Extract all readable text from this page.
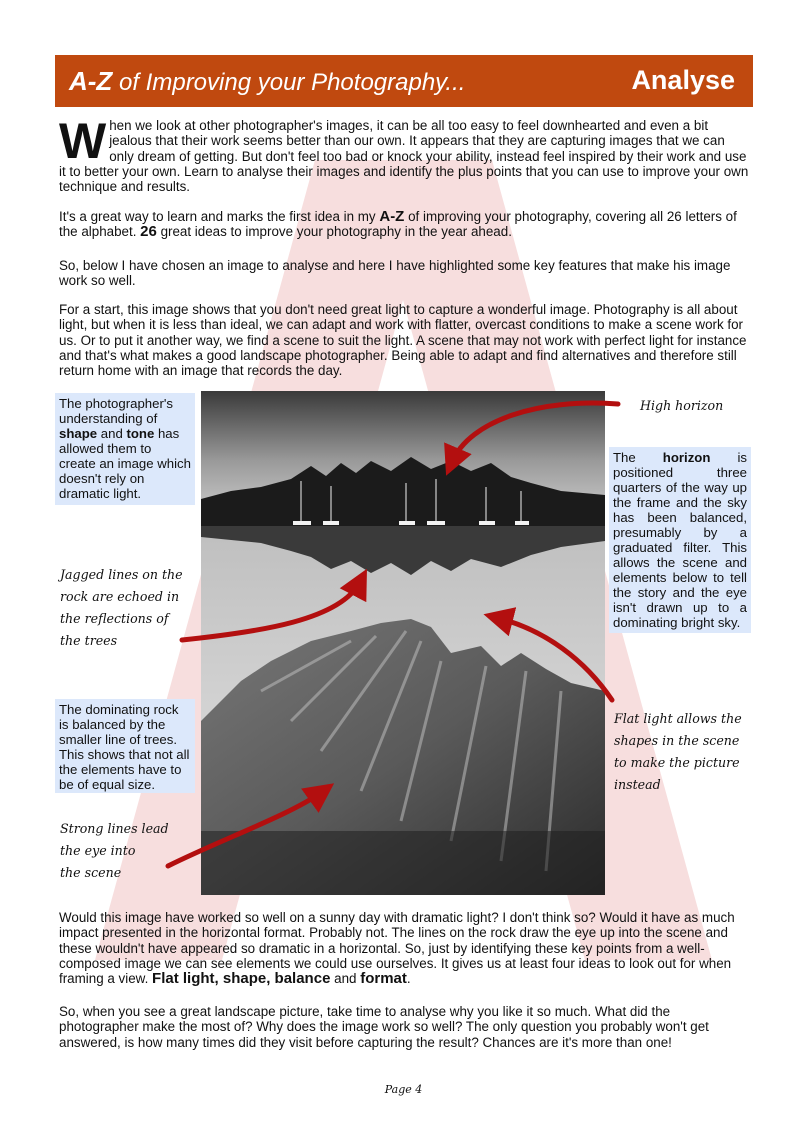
A-Z of Improving your Photography...	Analyse
When we look at other photographer's images, it can be all too easy to feel downhearted and even a bit jealous that their work seems better than our own. It appears that they are capturing images that we can only dream of getting. But don't feel too bad or knock your ability, instead feel inspired by their work and use it to better your own. Learn to analyse their images and identify the plus points that you can use to improve your own technique and results.
It's a great way to learn and marks the first idea in my A-Z of improving your photography, covering all 26 letters of the alphabet. 26 great ideas to improve your photography in the year ahead.
So, below I have chosen an image to analyse and here I have highlighted some key features that make his image work so well.
For a start, this image shows that you don't need great light to capture a wonderful image. Photography is all about light, but when it is less than ideal, we can adapt and work with flatter, overcast conditions to make a scene work for us. Or to put it another way, we find a scene to suit the light. A scene that may not work with perfect light for instance and that's what makes a good landscape photographer. Being able to adapt and find alternatives and therefore still return home with an image that records the day.
The photographer's understanding of shape and tone has allowed them to create an image which doesn't rely on dramatic light.
The horizon is positioned three quarters of the way up the frame and the sky has been balanced, presumably by a graduated filter. This allows the scene and elements below to tell the story and the eye isn't drawn up to a dominating bright sky.
The dominating rock is balanced by the smaller line of trees. This shows that not all the elements have to be of equal size.
High horizon
Jagged lines on the
rock are echoed in
the reflections of
the trees
Flat light allows the
shapes in the scene
to make the picture
instead
Strong lines lead
the eye into
the scene
Would this image have worked so well on a sunny day with dramatic light? I don't think so? Would it have as much impact presented in the horizontal format. Probably not. The lines on the rock draw the eye up into the scene and these wouldn't have appeared so dramatic in a horizontal. So, just by identifying these key points from a well-composed image we can see elements we could use ourselves. It gives us at least four ideas to look out for when framing a view. Flat light, shape, balance and format.
So, when you see a great landscape picture, take time to analyse why you like it so much. What did the photographer make the most of? Why does the image work so well? The only question you probably won't get answered, is how many times did they visit before capturing the result? Chances are it's more than one!
Page 4
